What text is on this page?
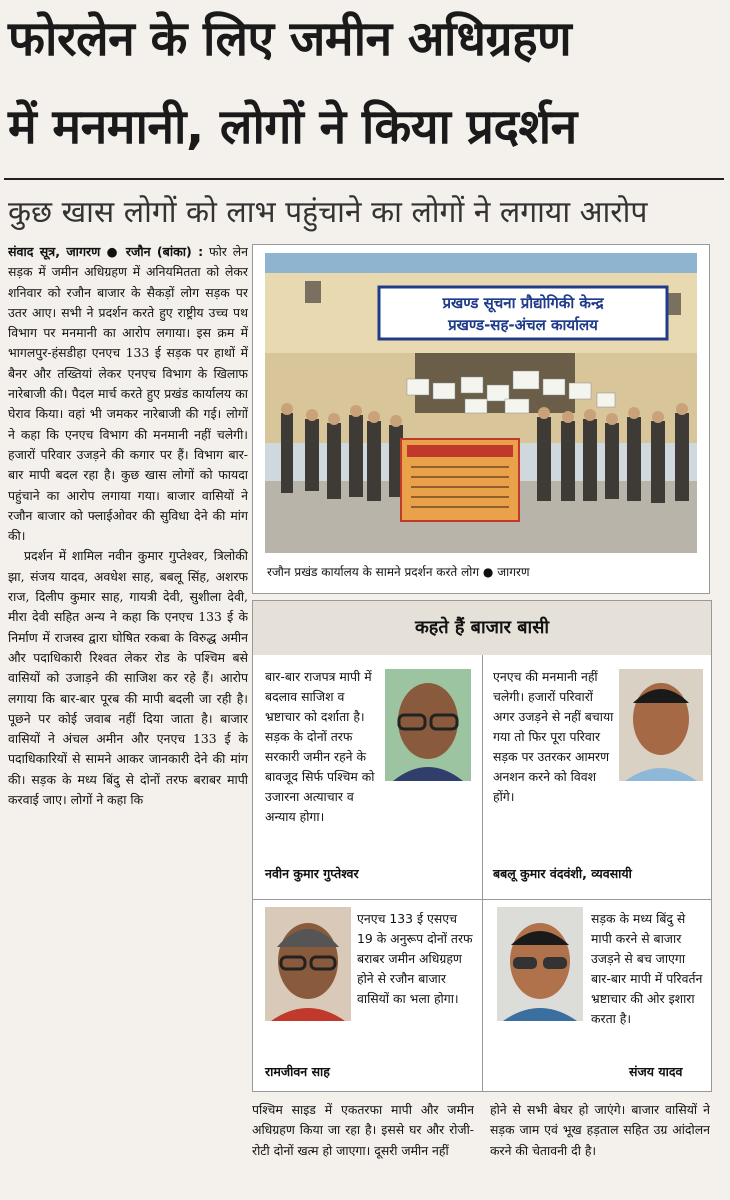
फोरलेन के लिए जमीन अधिग्रहण
में मनमानी, लोगों ने किया प्रदर्शन
कुछ खास लोगों को लाभ पहुंचाने का लोगों ने लगाया आरोप
संवाद सूत्र, जागरण ● रजौन (बांका) : फोर लेन सड़क में जमीन अधिग्रहण में अनियमितता को लेकर शनिवार को रजौन बाजार के सैकड़ों लोग सड़क पर उतर आए। सभी ने प्रदर्शन करते हुए राष्ट्रीय उच्च पथ विभाग पर मनमानी का आरोप लगाया। इस क्रम में भागलपुर-हंसडीहा एनएच 133 ई सड़क पर हाथों में बैनर और तख्तियां लेकर एनएच विभाग के खिलाफ नारेबाजी की। पैदल मार्च करते हुए प्रखंड कार्यालय का घेराव किया। वहां भी जमकर नारेबाजी की गई। लोगों ने कहा कि एनएच विभाग की मनमानी नहीं चलेगी। हजारों परिवार उजड़ने की कगार पर हैं। विभाग बार-बार मापी बदल रहा है। कुछ खास लोगों को फायदा पहुंचाने का आरोप लगाया गया। बाजार वासियों ने रजौन बाजार को फ्लाईओवर की सुविधा देने की मांग की।
प्रदर्शन में शामिल नवीन कुमार गुप्तेश्वर, त्रिलोकी झा, संजय यादव, अवधेश साह, बबलू सिंह, अशरफ राज, दिलीप कुमार साह, गायत्री देवी, सुशीला देवी, मीरा देवी सहित अन्य ने कहा कि एनएच 133 ई के निर्माण में राजस्व द्वारा घोषित रकबा के विरुद्ध अमीन और पदाधिकारी रिश्वत लेकर रोड के पश्चिम बसे वासियों को उजाड़ने की साजिश कर रहे हैं। आरोप लगाया कि बार-बार पूरब की मापी बदली जा रही है। पूछने पर कोई जवाब नहीं दिया जाता है। बाजार वासियों ने अंचल अमीन और एनएच 133 ई के पदाधिकारियों से सामने आकर जानकारी देने की मांग की। सड़क के मध्य बिंदु से दोनों तरफ बराबर मापी करवाई जाए। लोगों ने कहा कि
प्रखण्ड सूचना प्रौद्योगिकी केन्द्र
प्रखण्ड-सह-अंचल कार्यालय
रजौन प्रखंड कार्यालय के सामने प्रदर्शन करते लोग ● जागरण
कहते हैं बाजार बासी
बार-बार राजपत्र मापी में बदलाव साजिश व भ्रष्टाचार को दर्शाता है। सड़क के दोनों तरफ सरकारी जमीन रहने के बावजूद सिर्फ पश्चिम को उजारना अत्याचार व अन्याय होगा।
नवीन कुमार गुप्तेश्वर
एनएच की मनमानी नहीं चलेगी। हजारों परिवारों अगर उजड़ने से नहीं बचाया गया तो फिर पूरा परिवार सड़क पर उतरकर आमरण अनशन करने को विवश होंगे।
बबलू कुमार वंदवंशी, व्यवसायी
एनएच 133 ई एसएच 19 के अनुरूप दोनों तरफ बराबर जमीन अधिग्रहण होने से रजौन बाजार वासियों का भला होगा।
रामजीवन साह
सड़क के मध्य बिंदु से मापी करने से बाजार उजड़ने से बच जाएगा बार-बार मापी में परिवर्तन भ्रष्टाचार की ओर इशारा करता है।
संजय यादव
पश्चिम साइड में एकतरफा मापी और जमीन अधिग्रहण किया जा रहा है। इससे घर और रोजी-रोटी दोनों खत्म हो जाएगा। दूसरी जमीन नहीं
होने से सभी बेघर हो जाएंगे। बाजार वासियों ने सड़क जाम एवं भूख हड़ताल सहित उग्र आंदोलन करने की चेतावनी दी है।
